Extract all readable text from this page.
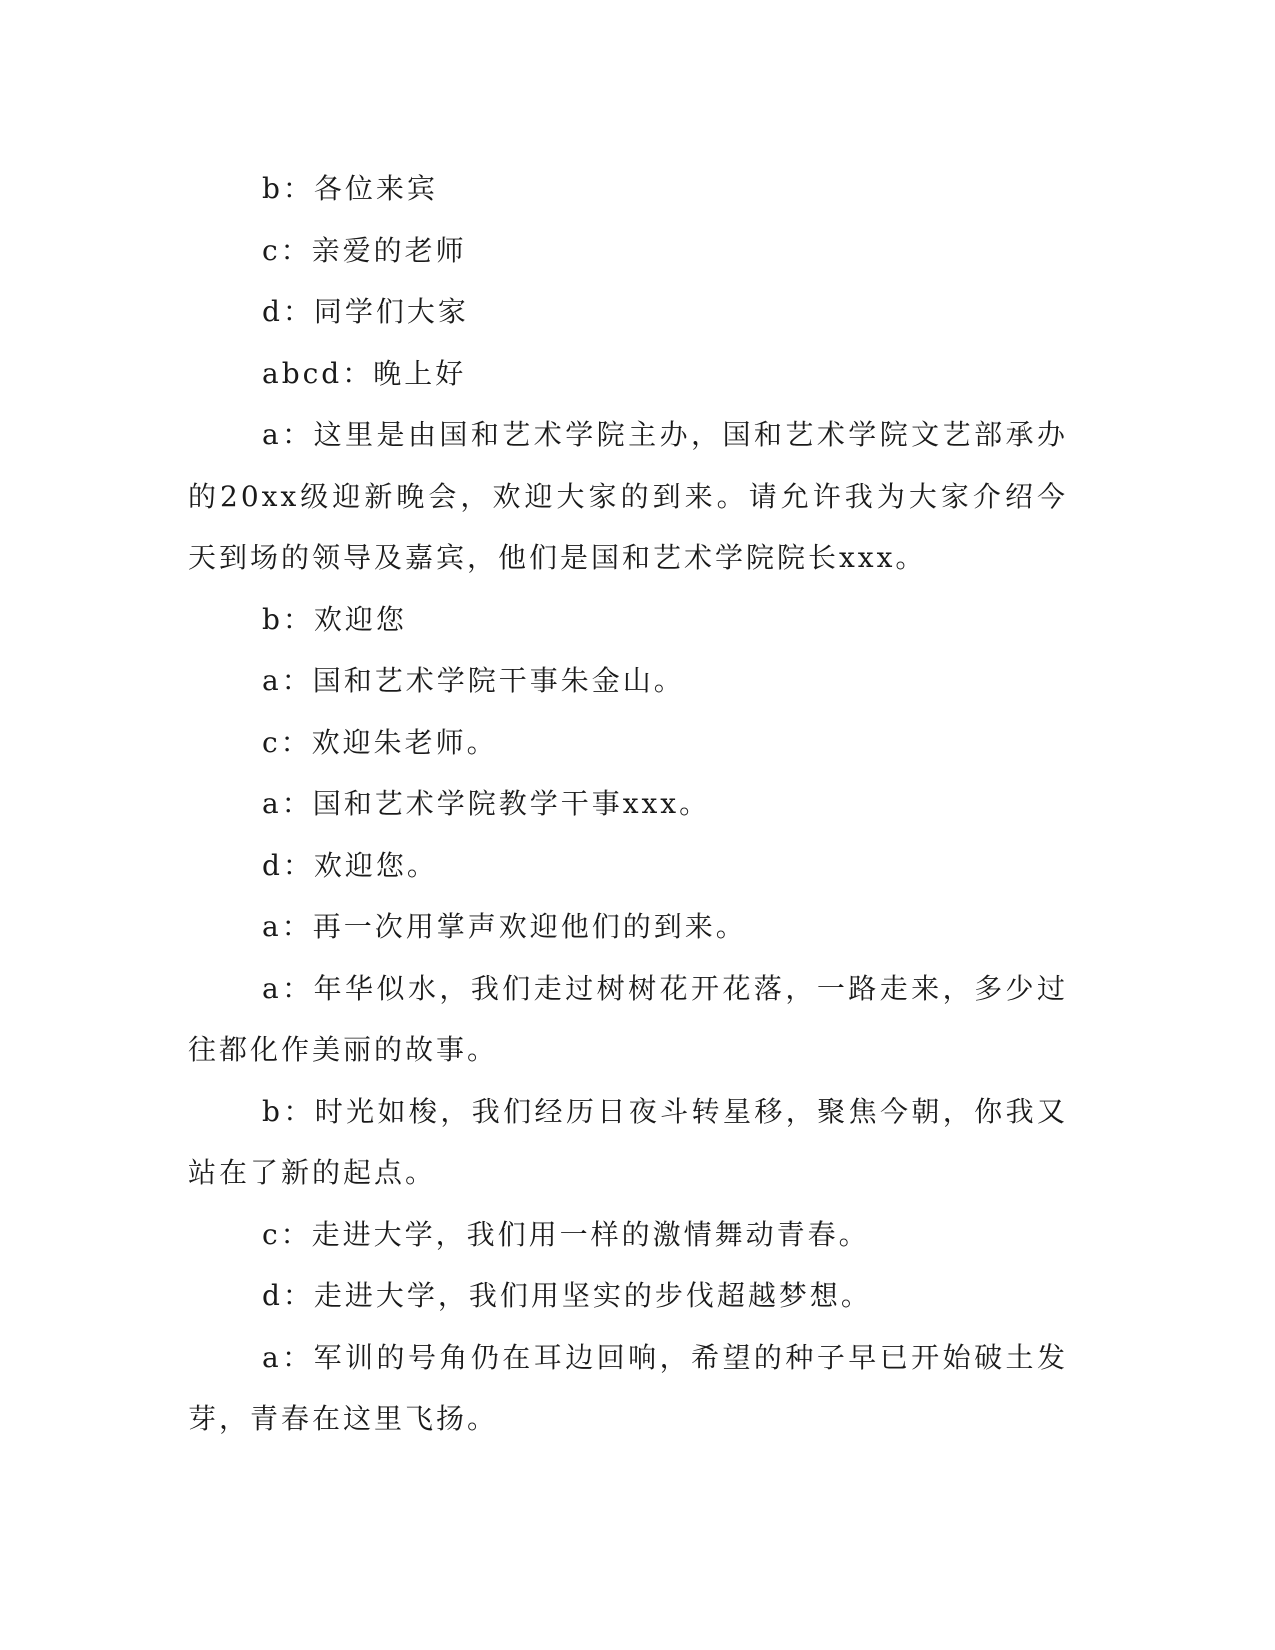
b：各位来宾

c：亲爱的老师

d：同学们大家

abcd：晚上好

a：这里是由国和艺术学院主办，国和艺术学院文艺部承办的20xx级迎新晚会，欢迎大家的到来。请允许我为大家介绍今天到场的领导及嘉宾，他们是国和艺术学院院长xxx。

b：欢迎您

a：国和艺术学院干事朱金山。

c：欢迎朱老师。

a：国和艺术学院教学干事xxx。

d：欢迎您。

a：再一次用掌声欢迎他们的到来。

a：年华似水，我们走过树树花开花落，一路走来，多少过往都化作美丽的故事。

b：时光如梭，我们经历日夜斗转星移，聚焦今朝，你我又站在了新的起点。

c：走进大学，我们用一样的激情舞动青春。

d：走进大学，我们用坚实的步伐超越梦想。

a：军训的号角仍在耳边回响，希望的种子早已开始破土发芽，青春在这里飞扬。
